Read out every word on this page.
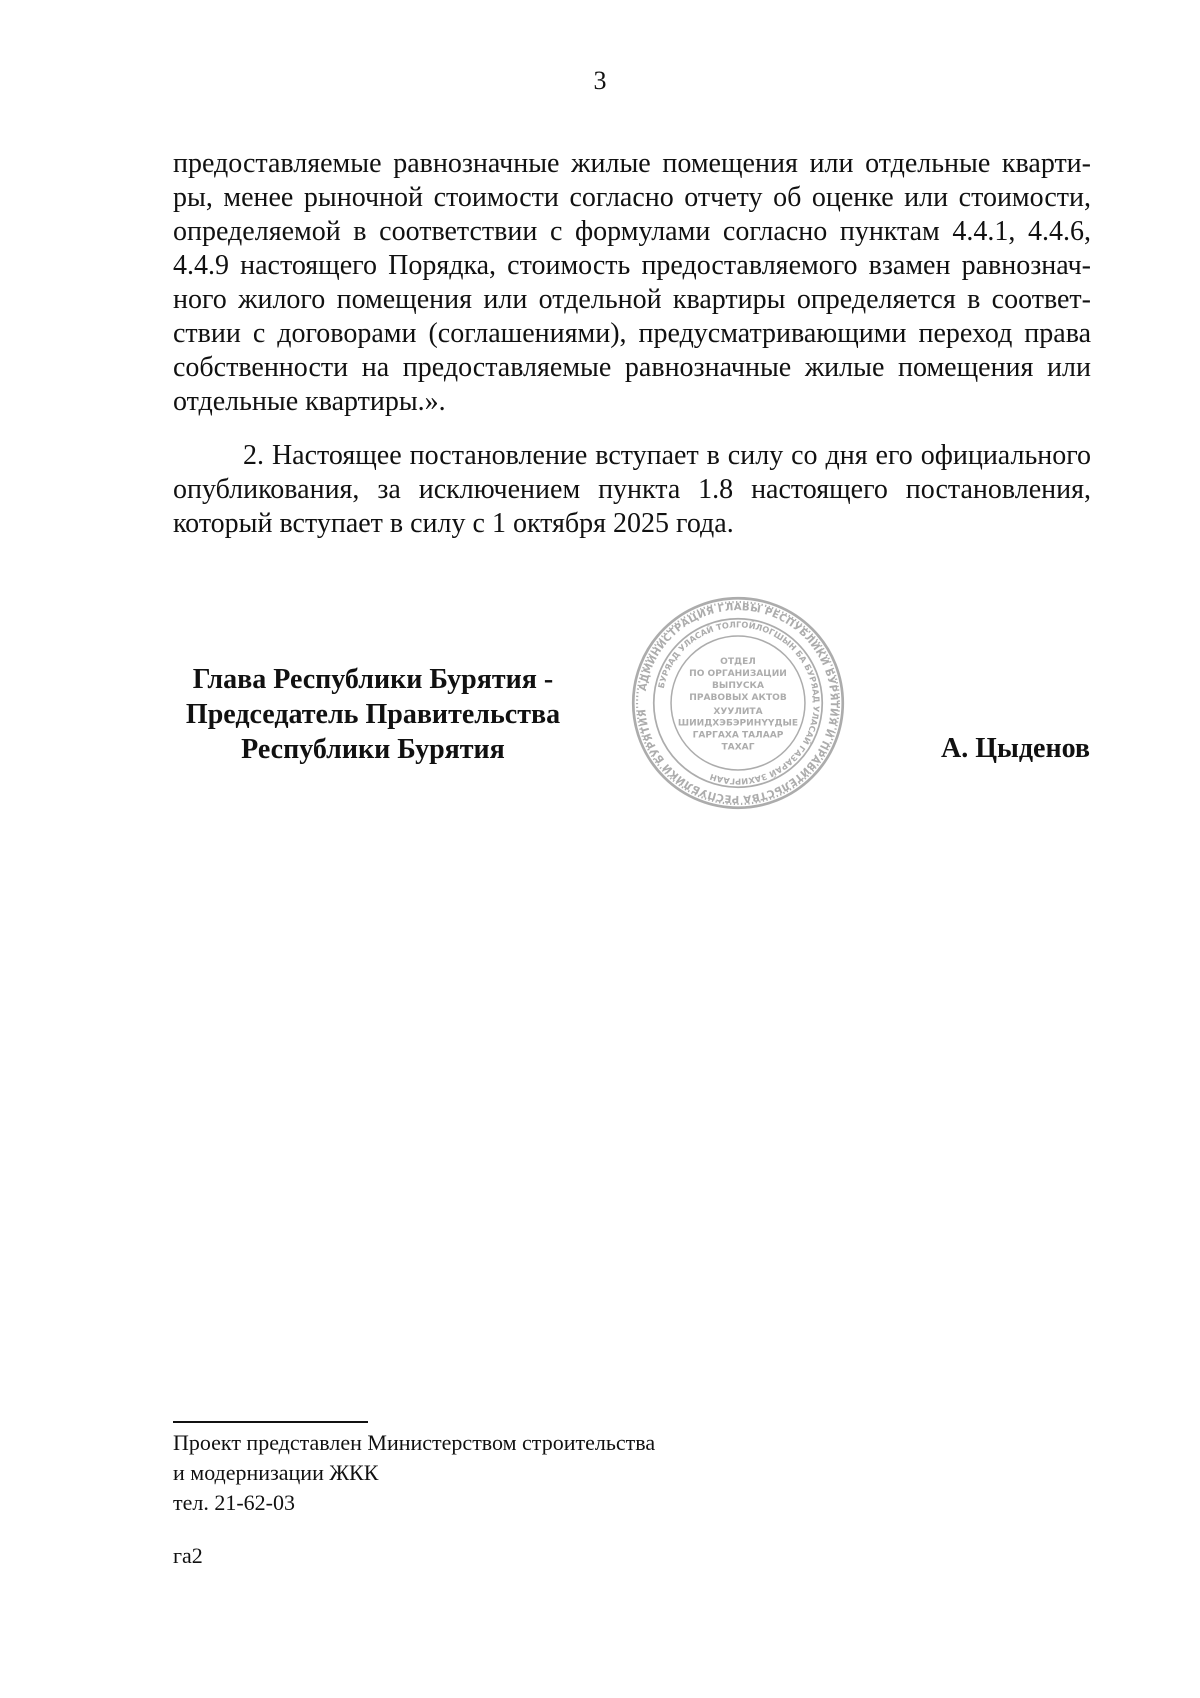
3
предоставляемые равнозначные жилые помещения или отдельные квартиры, менее рыночной стоимости согласно отчету об оценке или стоимости, определяемой в соответствии с формулами согласно пунктам 4.4.1, 4.4.6, 4.4.9 настоящего Порядка, стоимость предоставляемого взамен равнозначного жилого помещения или отдельной квартиры определяется в соответствии с договорами (соглашениями), предусматривающими переход права собственности на предоставляемые равнозначные жилые помещения или отдельные квартиры.».
2. Настоящее постановление вступает в силу со дня его официального опубликования, за исключением пункта 1.8 настоящего постановления, который вступает в силу с 1 октября 2025 года.
Глава Республики Бурятия -
Председатель Правительства
Республики Бурятия
АДМИНИСТРАЦИЯ ГЛАВЫ РЕСПУБЛИКИ БУРЯТИЯ И ПРАВИТЕЛЬСТВА РЕСПУБЛИКИ БУРЯТИЯ
БУРЯАД УЛАСАЙ ТОЛГОЙЛОГШЫН БА БУРЯАД УЛАСАЙ ГАЗАРАЙ ЗАХИРГААН
ОТДЕЛ
ПО ОРГАНИЗАЦИИ
ВЫПУСКА
ПРАВОВЫХ АКТОВ
ХУУЛИТА
ШИИДХЭБЭРИНҮҮДЫЕ
ГАРГАХА ТАЛААР
ТАХАГ	А. Цыденов
Проект представлен Министерством строительства
и модернизации ЖКК
тел. 21-62-03
га2
